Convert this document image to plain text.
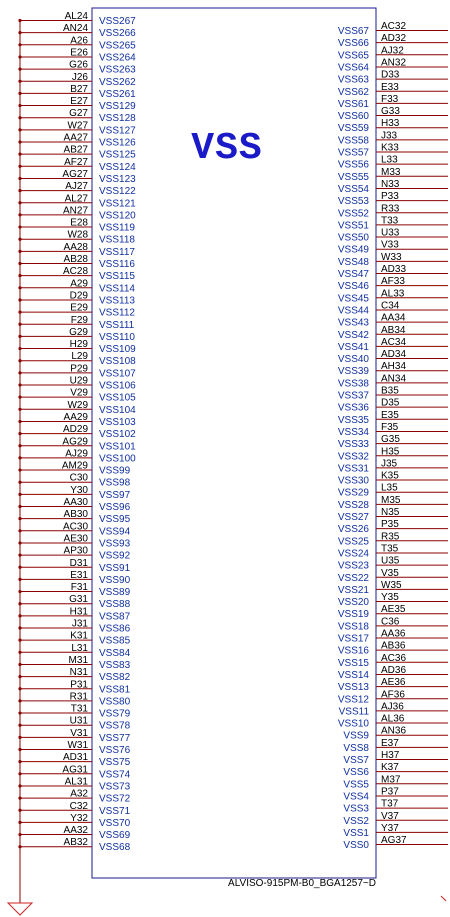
VSS
AL24 VSS267
AN24 VSS266
A26 VSS265
E26 VSS264
G26 VSS263
J26 VSS262
B27 VSS261
E27 VSS129
G27 VSS128
W27 VSS127
AA27 VSS126
AB27 VSS125
AF27 VSS124
AG27 VSS123
AJ27 VSS122
AL27 VSS121
AN27 VSS120
E28 VSS119
W28 VSS118
AA28 VSS117
AB28 VSS116
AC28 VSS115
A29 VSS114
D29 VSS113
E29 VSS112
F29 VSS111
G29 VSS110
H29 VSS109
L29 VSS108
P29 VSS107
U29 VSS106
V29 VSS105
W29 VSS104
AA29 VSS103
AD29 VSS102
AG29 VSS101
AJ29 VSS100
AM29 VSS99
C30 VSS98
Y30 VSS97
AA30 VSS96
AB30 VSS95
AC30 VSS94
AE30 VSS93
AP30 VSS92
D31 VSS91
E31 VSS90
F31 VSS89
G31 VSS88
H31 VSS87
J31 VSS86
K31 VSS85
L31 VSS84
M31 VSS83
N31 VSS82
P31 VSS81
R31 VSS80
T31 VSS79
U31 VSS78
V31 VSS77
W31 VSS76
AD31 VSS75
AG31 VSS74
AL31 VSS73
A32 VSS72
C32 VSS71
Y32 VSS70
AA32 VSS69
AB32 VSS68
AC32
VSS67
AD32
VSS66
AJ32
VSS65
AN32
VSS64
D33
VSS63
E33
VSS62
F33
VSS61
G33
VSS60
H33
VSS59
J33
VSS58
K33
VSS57
L33
VSS56
M33
VSS55
N33
VSS54
P33
VSS53
R33
VSS52
T33
VSS51
U33
VSS50
V33
VSS49
W33
VSS48
AD33
VSS47
AF33
VSS46
AL33
VSS45
C34
VSS44
AA34
VSS43
AB34
VSS42
AC34
VSS41
AD34
VSS40
AH34
VSS39
AN34
VSS38
B35
VSS37
D35
VSS36
E35
VSS35
F35
VSS34
G35
VSS33
H35
VSS32
J35
VSS31
K35
VSS30
L35
VSS29
M35
VSS28
N35
VSS27
P35
VSS26
R35
VSS25
T35
VSS24
U35
VSS23
V35
VSS22
W35
VSS21
Y35
VSS20
AE35
VSS19
C36
VSS18
AA36
VSS17
AB36
VSS16
AC36
VSS15
AD36
VSS14
AE36
VSS13
AF36
VSS12
AJ36
VSS11
AL36
VSS10
AN36
VSS9
E37
VSS8
H37
VSS7
K37
VSS6
M37
VSS5
P37
VSS4
T37
VSS3
V37
VSS2
Y37
VSS1
AG37
VSS0
ALVISO-915PM-B0_BGA1257~D
